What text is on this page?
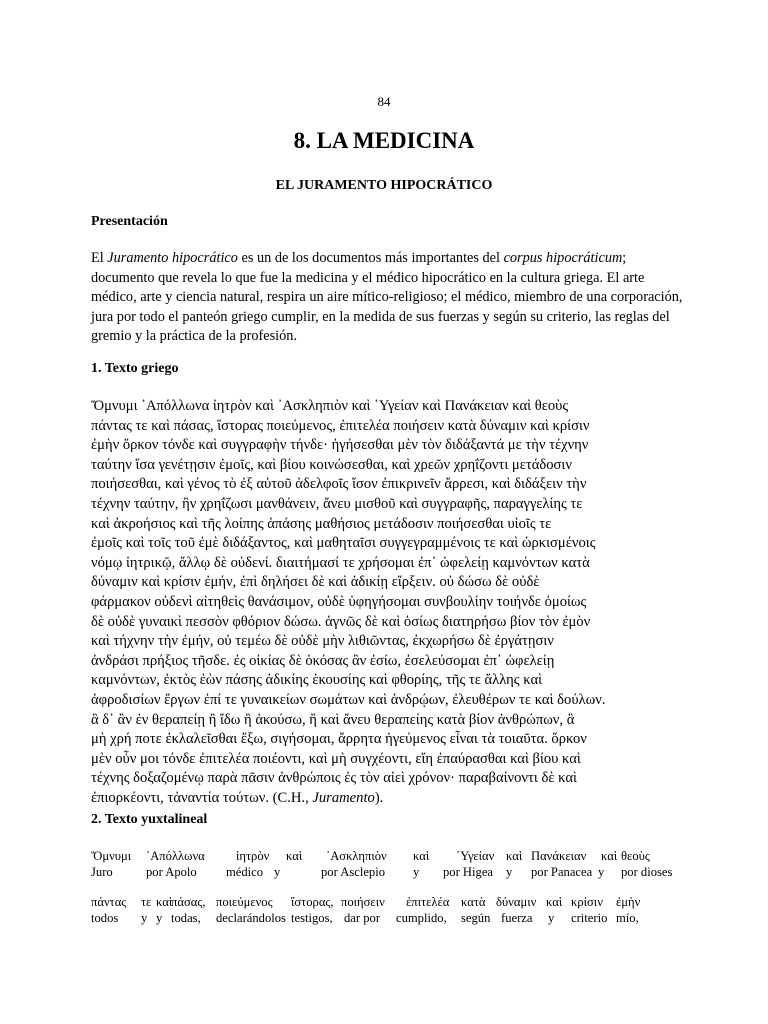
84
8. LA MEDICINA
EL JURAMENTO HIPOCRÁTICO
Presentación

El Juramento hipocrático es un de los documentos más importantes del corpus hipocráticum; documento que revela lo que fue la medicina y el médico hipocrático en la cultura griega. El arte médico, arte y ciencia natural, respira un aire mítico-religioso; el médico, miembro de una corporación, jura por todo el panteón griego cumplir, en la medida de sus fuerzas y según su criterio, las reglas del gremio y la práctica de la profesión.

1. Texto griego
Ὄμνυμι ᾿Απόλλωνα ἰητρὸν καὶ ᾿Ασκληπιὸν καὶ ῾Υγείαν καὶ Πανάκειαν καὶ θεοὺς
πάντας τε καὶ πάσας, ἵστορας ποιεύμενος, ἐπιτελέα ποιήσειν κατὰ δύναμιν καὶ κρίσιν
ἐμὴν ὅρκον τόνδε καὶ συγγραφὴν τήνδε· ἡγήσεσθαι μὲν τὸν διδάξαντά με τὴν τέχνην
ταύτην ἴσα γενέτῃσιν ἐμοῖς, καὶ βίου κοινώσεσθαι, καὶ χρεῶν χρηΐζοντι μετάδοσιν
ποιήσεσθαι, καὶ γένος τὸ ἐξ αὐτοῦ ἀδελφοῖς ἴσον ἐπικρινεῖν ἄρρεσι, καὶ διδάξειν τὴν
τέχνην ταύτην, ἢν χρηΐζωσι μανθάνειν, ἄνευ μισθοῦ καὶ συγγραφῆς, παραγγελίης τε
καὶ ἀκροήσιος καὶ τῆς λοίπης ἁπάσης μαθήσιος μετάδοσιν ποιήσεσθαι υἱοῖς τε
ἐμοῖς καὶ τοῖς τοῦ ἐμὲ διδάξαντος, καὶ μαθηταῖσι συγγεγραμμένοις τε καὶ ὡρκισμένοις
νόμῳ ἰητρικῷ, ἄλλῳ δὲ οὐδενί. διαιτήμασί τε χρήσομαι ἐπ᾿ ὠφελείῃ καμνόντων κατὰ
δύναμιν καὶ κρίσιν ἐμήν, ἐπὶ δηλήσει δὲ καὶ ἀδικίῃ εἴρξειν. οὐ δώσω δὲ οὐδὲ
φάρμακον οὐδενὶ αἰτηθεὶς θανάσιμον, οὐδὲ ὑφηγήσομαι συνβουλίην τοιήνδε ὁμοίως
δὲ οὐδὲ γυναικὶ πεσσὸν φθόριον δώσω. ἁγνῶς δὲ καὶ ὁσίως διατηρήσω βίον τὸν ἐμὸν
καὶ τήχνην τὴν ἐμήν, οὐ τεμέω δὲ οὐδὲ μὴν λιθιῶντας, ἐκχωρήσω δὲ ἐργάτῃσιν
ἀνδράσι πρήξιος τῆσδε. ἐς οἰκίας δὲ ὁκόσας ἂν ἐσίω, ἐσελεύσομαι ἐπ᾿ ὠφελείῃ
καμνόντων, ἐκτὸς ἐὼν πάσης ἀδικίης ἑκουσίης καὶ φθορίης, τῆς τε ἄλλης καὶ
ἀφροδισίων ἔργων ἐπί τε γυναικείων σωμάτων καὶ ἀνδρῴων, ἐλευθέρων τε καὶ δούλων.
ἃ δ᾿ ἂν ἐν θεραπείῃ ἢ ἴδω ἢ ἀκούσω, ἢ καὶ ἄνευ θεραπείης κατὰ βίον ἀνθρώπων, ἃ
μὴ χρή ποτε ἐκλαλεῖσθαι ἔξω, σιγήσομαι, ἄρρητα ἡγεύμενος εἶναι τὰ τοιαῦτα. ὅρκον
μὲν οὖν μοι τόνδε ἐπιτελέα ποιέοντι, καὶ μὴ συγχέοντι, εἴη ἐπαύρασθαι καὶ βίου καὶ
τέχνης δοξαζομένῳ παρὰ πᾶσιν ἀνθρώποις ἐς τὸν αἰεὶ χρόνον· παραβαίνοντι δὲ καὶ
ἐπιορκέοντι, τἀναντία τούτων. (C.H., Juramento).
2. Texto yuxtalineal
Ὄμνυμι ᾿Απόλλωνα ἰητρὸν καὶ ᾿Ασκληπιὸν καὶ ῾Υγείαν καὶ Πανάκειαν καὶ θεοὺς
Juro	por Apolo médico y	por Asclepio y por Higea y por Panacea y por dioses
πάντας τε καὶ
πάσας, ποιεύμενος ἵστορας, ποιήσειν ἐπιτελέα κατὰ δύναμιν καὶ κρίσιν ἐμὴν
todos y y todas, declarándolos testigos, dar por cumplido, según fuerza y criterio mío,
